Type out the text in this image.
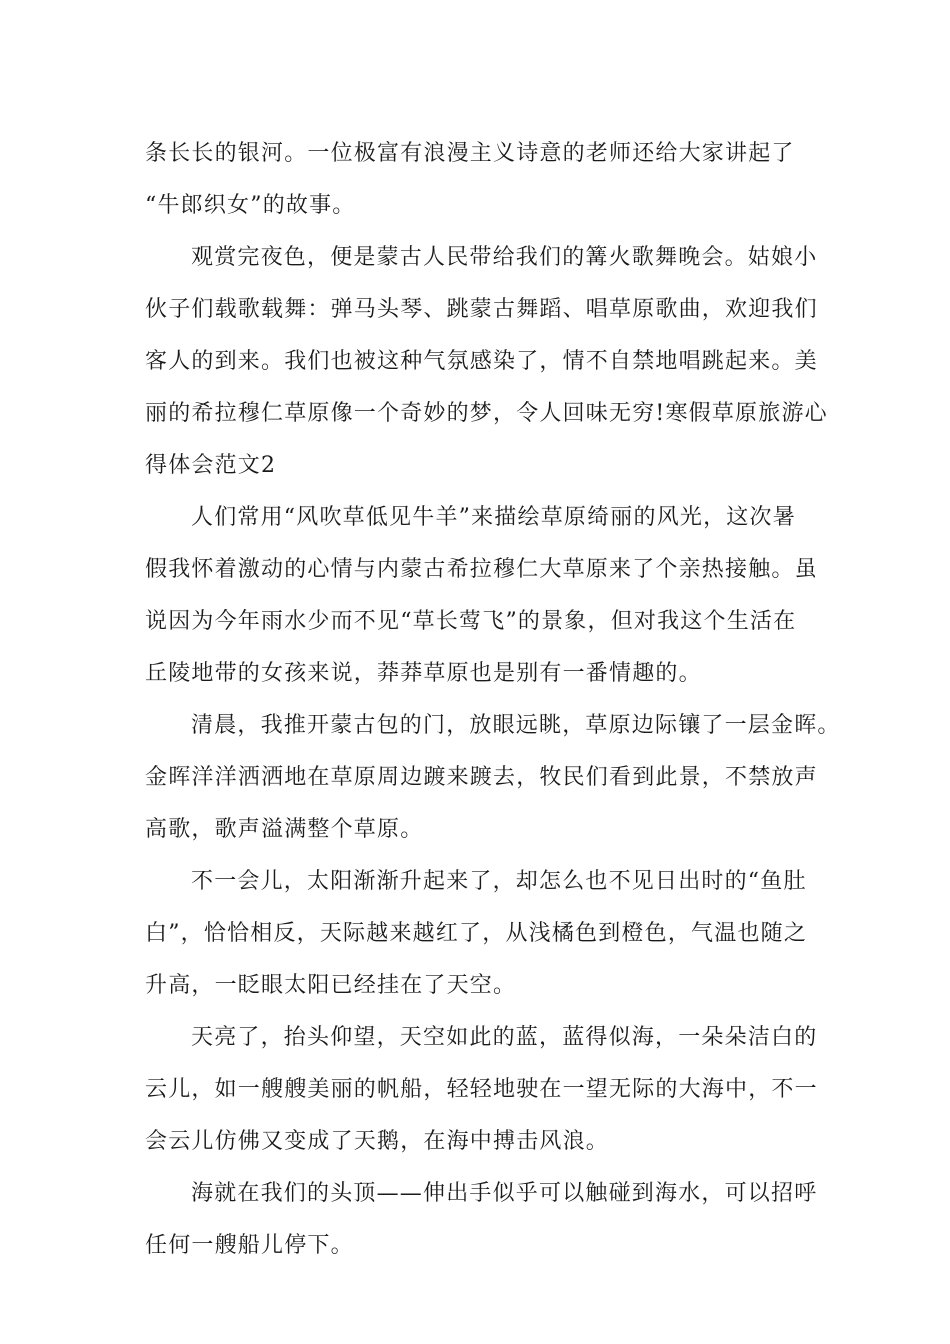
条长长的银河。一位极富有浪漫主义诗意的老师还给大家讲起了
“牛郎织女”的故事。
观赏完夜色，便是蒙古人民带给我们的篝火歌舞晚会。姑娘小
伙子们载歌载舞：弹马头琴、跳蒙古舞蹈、唱草原歌曲，欢迎我们
客人的到来。我们也被这种气氛感染了，情不自禁地唱跳起来。美
丽的希拉穆仁草原像一个奇妙的梦，令人回味无穷!寒假草原旅游心
得体会范文2
人们常用“风吹草低见牛羊”来描绘草原绮丽的风光，这次暑
假我怀着激动的心情与内蒙古希拉穆仁大草原来了个亲热接触。虽
说因为今年雨水少而不见“草长莺飞”的景象，但对我这个生活在
丘陵地带的女孩来说，莽莽草原也是别有一番情趣的。
清晨，我推开蒙古包的门，放眼远眺，草原边际镶了一层金晖。
金晖洋洋洒洒地在草原周边踱来踱去，牧民们看到此景，不禁放声
高歌，歌声溢满整个草原。
不一会儿，太阳渐渐升起来了，却怎么也不见日出时的“鱼肚
白”，恰恰相反，天际越来越红了，从浅橘色到橙色，气温也随之
升高，一眨眼太阳已经挂在了天空。
天亮了，抬头仰望，天空如此的蓝，蓝得似海，一朵朵洁白的
云儿，如一艘艘美丽的帆船，轻轻地驶在一望无际的大海中，不一
会云儿仿佛又变成了天鹅，在海中搏击风浪。
海就在我们的头顶——伸出手似乎可以触碰到海水，可以招呼
任何一艘船儿停下。
